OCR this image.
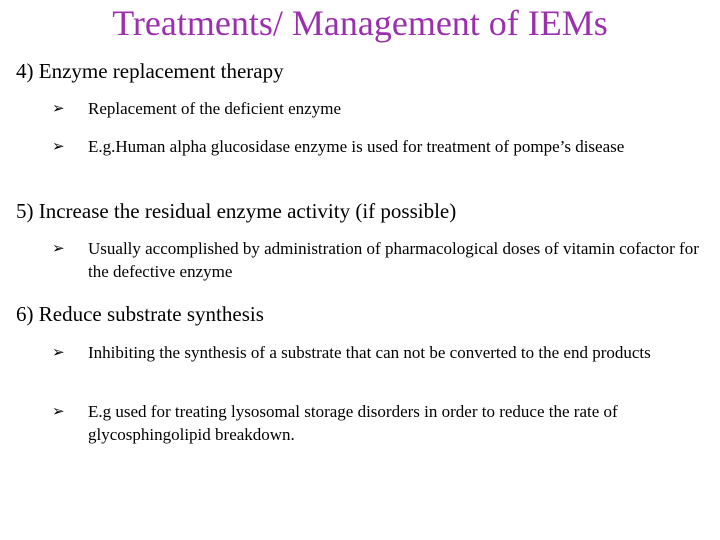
Treatments/ Management of IEMs
4) Enzyme replacement therapy
➢	Replacement of the deficient enzyme
➢	E.g.Human alpha glucosidase enzyme is used for treatment of pompe’s disease
5) Increase the residual enzyme activity (if possible)
➢	Usually accomplished by administration of pharmacological doses of vitamin cofactor for the defective enzyme
6) Reduce substrate synthesis
➢	Inhibiting the synthesis of a substrate that can not be converted to the end products
➢	E.g used for treating lysosomal storage disorders in order to reduce the rate of glycosphingolipid breakdown.
